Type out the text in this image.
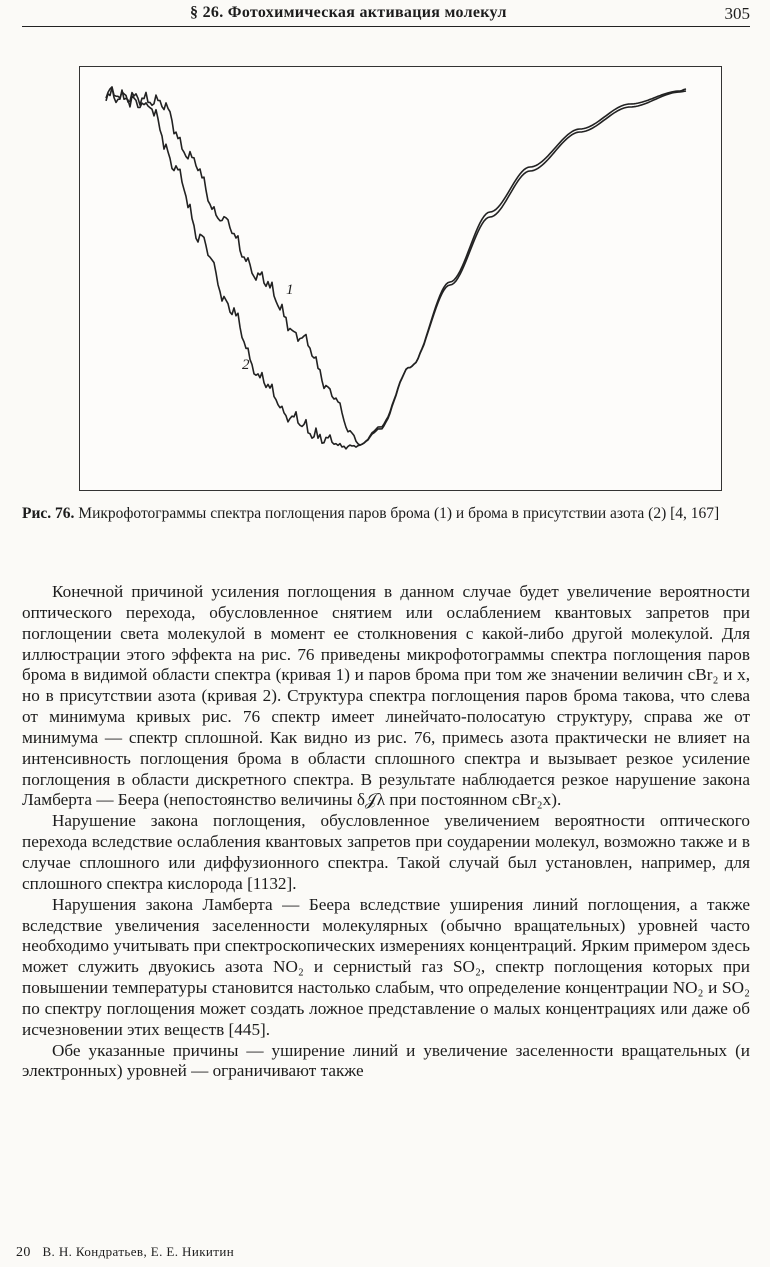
§ 26. Фотохимическая активация молекул	305
1
2
Рис. 76. Микрофотограммы спектра поглощения паров брома (1) и брома в присутствии азота (2) [4, 167]

Конечной причиной усиления поглощения в данном случае будет увеличение вероятности оптического перехода, обусловленное снятием или ослаблением квантовых запретов при поглощении света молекулой в момент ее столкновения с какой-либо другой молекулой. Для иллюстрации этого эффекта на рис. 76 приведены микрофотограммы спектра поглощения паров брома в видимой области спектра (кривая 1) и паров брома при том же значении величин cBr₂ и x, но в присутствии азота (кривая 2). Структура спектра поглощения паров брома такова, что слева от минимума кривых рис. 76 спектр имеет линейчато-полосатую структуру, справа же от минимума — спектр сплошной. Как видно из рис. 76, примесь азота практически не влияет на интенсивность поглощения брома в области сплошного спектра и вызывает резкое усиление поглощения в области дискретного спектра. В результате наблюдается резкое нарушение закона Ламберта — Беера (непостоянство величины δ𝒥λ при постоянном cBr₂x).

Нарушение закона поглощения, обусловленное увеличением вероятности оптического перехода вследствие ослабления квантовых запретов при соударении молекул, возможно также и в случае сплошного или диффузионного спектра. Такой случай был установлен, например, для сплошного спектра кислорода [1132].

Нарушения закона Ламберта — Беера вследствие уширения линий поглощения, а также вследствие увеличения заселенности молекулярных (обычно вращательных) уровней часто необходимо учитывать при спектроскопических измерениях концентраций. Ярким примером здесь может служить двуокись азота NO₂ и сернистый газ SO₂, спектр поглощения которых при повышении температуры становится настолько слабым, что определение концентрации NO₂ и SO₂ по спектру поглощения может создать ложное представление о малых концентрациях или даже об исчезновении этих веществ [445].

Обе указанные причины — уширение линий и увеличение заселенности вращательных (и электронных) уровней — ограничивают также

20 В. Н. Кондратьев, Е. Е. Никитин
